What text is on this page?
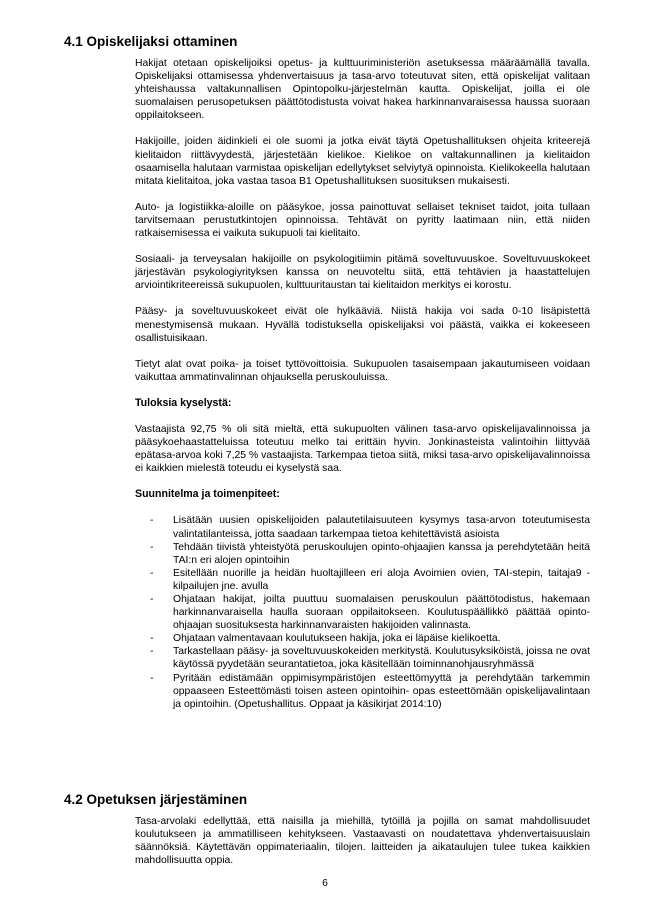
4.1 Opiskelijaksi ottaminen

Hakijat otetaan opiskelijoiksi opetus- ja kulttuuriministeriön asetuksessa määräämällä tavalla. Opiskelijaksi ottamisessa yhdenvertaisuus ja tasa-arvo toteutuvat siten, että opiskelijat valitaan yhteishaussa valtakunnallisen Opintopolku-järjestelmän kautta. Opiskelijat, joilla ei ole suomalaisen perusopetuksen päättötodistusta voivat hakea harkinnanvaraisessa haussa suoraan oppilaitokseen.

Hakijoille, joiden äidinkieli ei ole suomi ja jotka eivät täytä Opetushallituksen ohjeita kriteerejä kielitaidon riittävyydestä, järjestetään kielikoe. Kielikoe on valtakunnallinen ja kielitaidon osaamisella halutaan varmistaa opiskelijan edellytykset selviytyä opinnoista. Kielikokeella halutaan mitata kielitaitoa, joka vastaa tasoa B1 Opetushallituksen suosituksen mukaisesti.

Auto- ja logistiikka-aloille on pääsykoe, jossa painottuvat sellaiset tekniset taidot, joita tullaan tarvitsemaan perustutkintojen opinnoissa. Tehtävät on pyritty laatimaan niin, että niiden ratkaisemisessa ei vaikuta sukupuoli tai kielitaito.

Sosiaali- ja terveysalan hakijoille on psykologitiimin pitämä soveltuvuuskoe. Soveltuvuuskokeet järjestävän psykologiyrityksen kanssa on neuvoteltu siitä, että tehtävien ja haastattelujen arviointikriteereissä sukupuolen, kulttuuritaustan tai kielitaidon merkitys ei korostu.

Pääsy- ja soveltuvuuskokeet eivät ole hylkääviä. Niistä hakija voi sada 0-10 lisäpistettä menestymisensä mukaan. Hyvällä todistuksella opiskelijaksi voi päästä, vaikka ei kokeeseen osallistuisikaan.

Tietyt alat ovat poika- ja toiset tyttövoittoisia. Sukupuolen tasaisempaan jakautumiseen voidaan vaikuttaa ammatinvalinnan ohjauksella peruskouluissa.

Tuloksia kyselystä:

Vastaajista 92,75 % oli sitä mieltä, että sukupuolten välinen tasa-arvo opiskelijavalinnoissa ja pääsykoehaastatteluissa toteutuu melko tai erittäin hyvin. Jonkinasteista valintoihin liittyvää epätasa-arvoa koki 7,25 % vastaajista. Tarkempaa tietoa siitä, miksi tasa-arvo opiskelijavalinnoissa ei kaikkien mielestä toteudu ei kyselystä saa.

Suunnitelma ja toimenpiteet:
- Lisätään uusien opiskelijoiden palautetilaisuuteen kysymys tasa-arvon toteutumisesta valintatilanteissa, jotta saadaan tarkempaa tietoa kehitettävistä asioista
- Tehdään tiivistä yhteistyötä peruskoulujen opinto-ohjaajien kanssa ja perehdytetään heitä TAI:n eri alojen opintoihin
- Esitellään nuorille ja heidän huoltajilleen eri aloja Avoimien ovien, TAI-stepin, taitaja9 -kilpailujen jne. avulla
- Ohjataan hakijat, joilta puuttuu suomalaisen peruskoulun päättötodistus, hakemaan harkinnanvaraisella haulla suoraan oppilaitokseen. Koulutuspäällikkö päättää opinto-ohjaajan suosituksesta harkinnanvaraisten hakijoiden valinnasta.
- Ohjataan valmentavaan koulutukseen hakija, joka ei läpäise kielikoetta.
- Tarkastellaan pääsy- ja soveltuvuuskokeiden merkitystä. Koulutusyksiköistä, joissa ne ovat käytössä pyydetään seurantatietoa, joka käsitellään toiminnanohjausryhmässä
- Pyritään edistämään oppimisympäristöjen esteettömyyttä ja perehdytään tarkemmin oppaaseen Esteettömästi toisen asteen opintoihin- opas esteettömään opiskelijavalintaan ja opintoihin. (Opetushallitus. Oppaat ja käsikirjat 2014:10)
4.2 Opetuksen järjestäminen

Tasa-arvolaki edellyttää, että naisilla ja miehillä, tytöillä ja pojilla on samat mahdollisuudet koulutukseen ja ammatilliseen kehitykseen. Vastaavasti on noudatettava yhdenvertaisuuslain säännöksiä. Käytettävän oppimateriaalin, tilojen. laitteiden ja aikataulujen tulee tukea kaikkien mahdollisuutta oppia.

6
